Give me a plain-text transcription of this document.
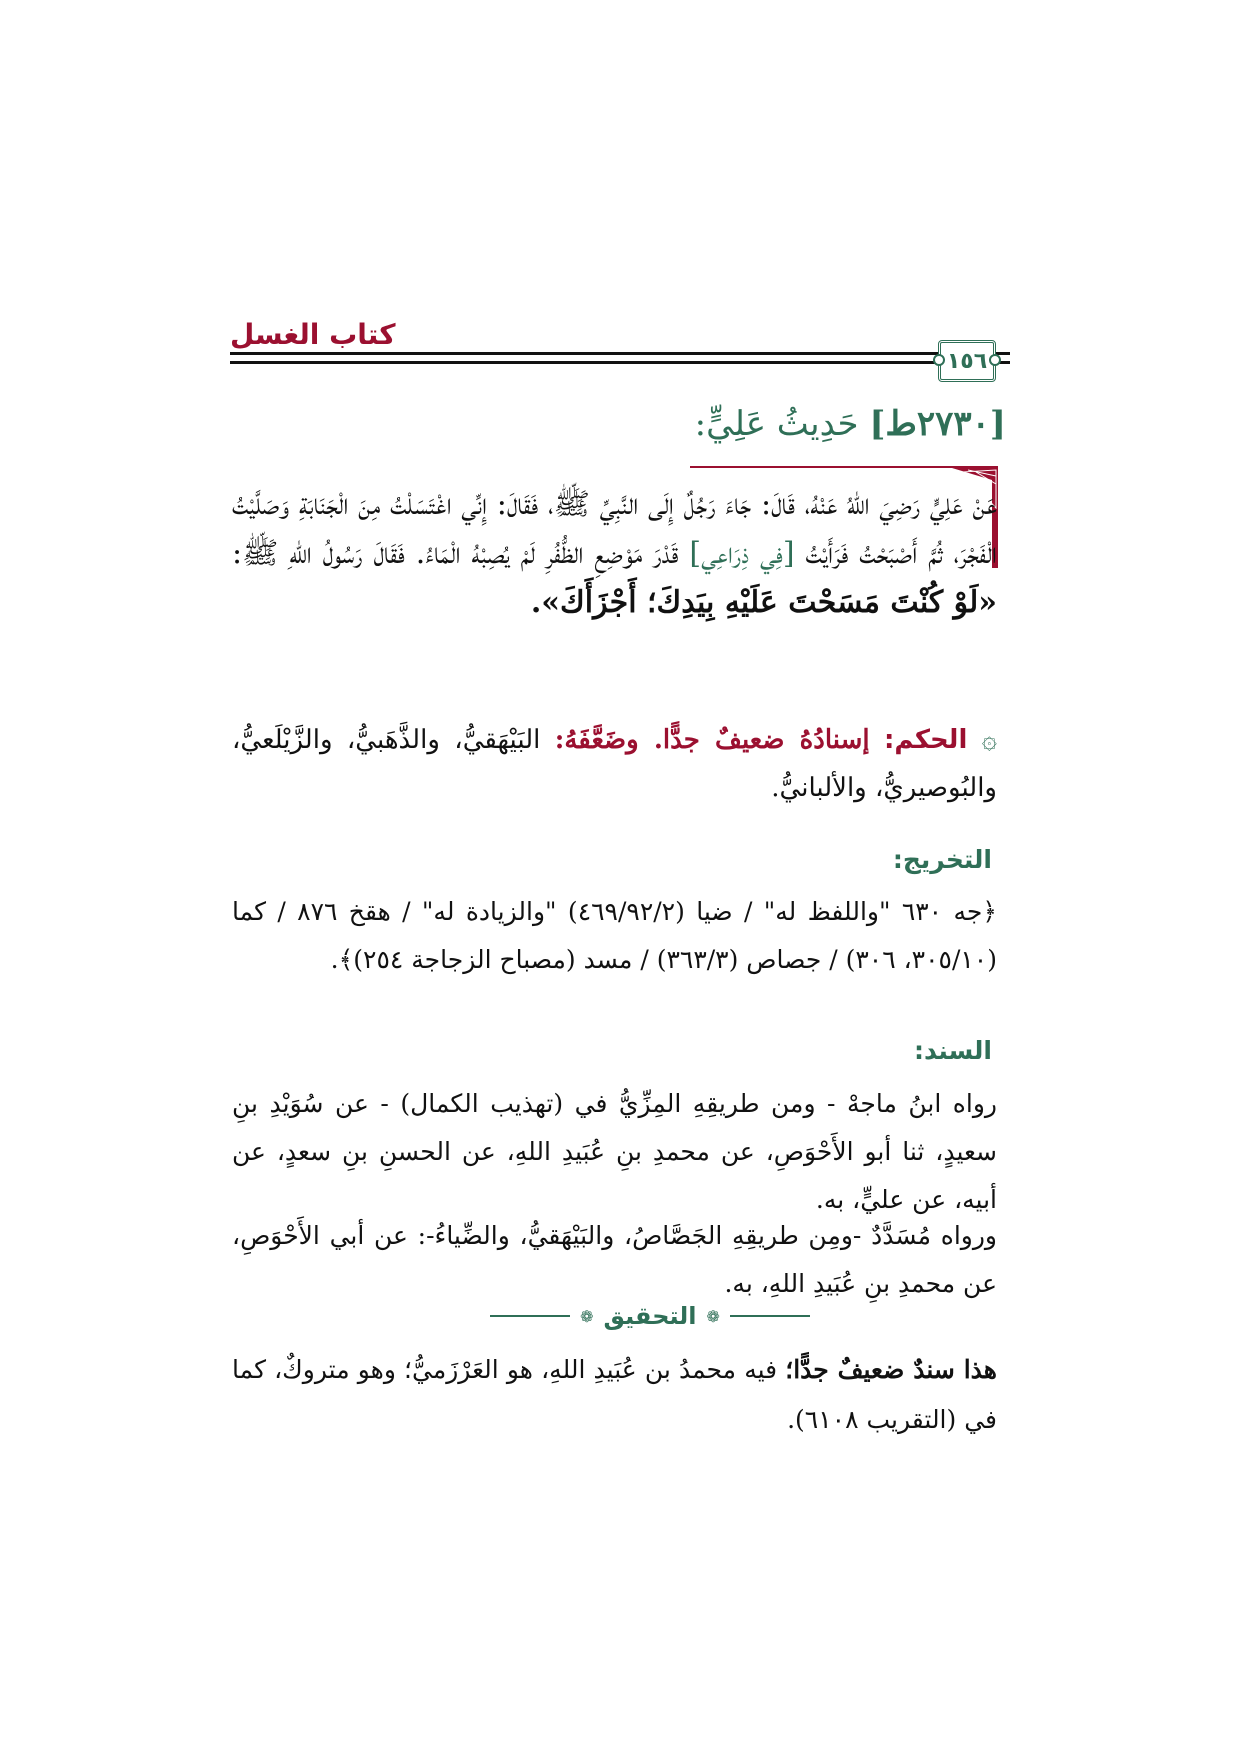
كتاب الغسل
١٥٦
[٢٧٣٠ط] حَدِيثُ عَلِيٍّ:
عَنْ عَلِيٍّ رَضِيَ اللهُ عَنْهُ، قَالَ: جَاءَ رَجُلٌ إِلَى النَّبِيِّ ﷺ، فَقَالَ: إِنِّي اغْتَسَلْتُ مِنَ الْجَنَابَةِ وَصَلَّيْتُ الْفَجْرَ، ثُمَّ أَصْبَحْتُ فَرَأَيْتُ [فِي ذِرَاعِي] قَدْرَ مَوْضِعِ الظُّفُرِ لَمْ يُصِبْهُ الْمَاءُ. فَقَالَ رَسُولُ اللهِ ﷺ: «لَوْ كُنْتَ مَسَحْتَ عَلَيْهِ بِيَدِكَ؛ أَجْزَأَكَ».
۞ الحكم: إسنادُهُ ضعيفٌ جدًّا. وضَعَّفَهُ: البَيْهَقيُّ، والذَّهَبيُّ، والزَّيْلَعيُّ، والبُوصيريُّ، والألبانيُّ.
التخريج:
﴿جه ٦٣٠ "واللفظ له" / ضيا (٤٦٩/٩٢/٢) "والزيادة له" / هقخ ٨٧٦ / كما (٣٠٥/١٠، ٣٠٦) / جصاص (٣٦٣/٣) / مسد (مصباح الزجاجة ٢٥٤)﴾.
السند:
رواه ابنُ ماجهْ - ومن طريقِهِ المِزِّيُّ في (تهذيب الكمال) - عن سُوَيْدِ بنِ سعيدٍ، ثنا أبو الأَحْوَصِ، عن محمدِ بنِ عُبَيدِ اللهِ، عن الحسنِ بنِ سعدٍ، عن أبيه، عن عليٍّ، به.
ورواه مُسَدَّدٌ -ومِن طريقِهِ الجَصَّاصُ، والبَيْهَقيُّ، والضِّياءُ-: عن أبي الأَحْوَصِ، عن محمدِ بنِ عُبَيدِ اللهِ، به.
❁ التحقيق ❁
هذا سندٌ ضعيفٌ جدًّا؛ فيه محمدُ بن عُبَيدِ اللهِ، هو العَرْزَميُّ؛ وهو متروكٌ، كما في (التقريب ٦١٠٨).
